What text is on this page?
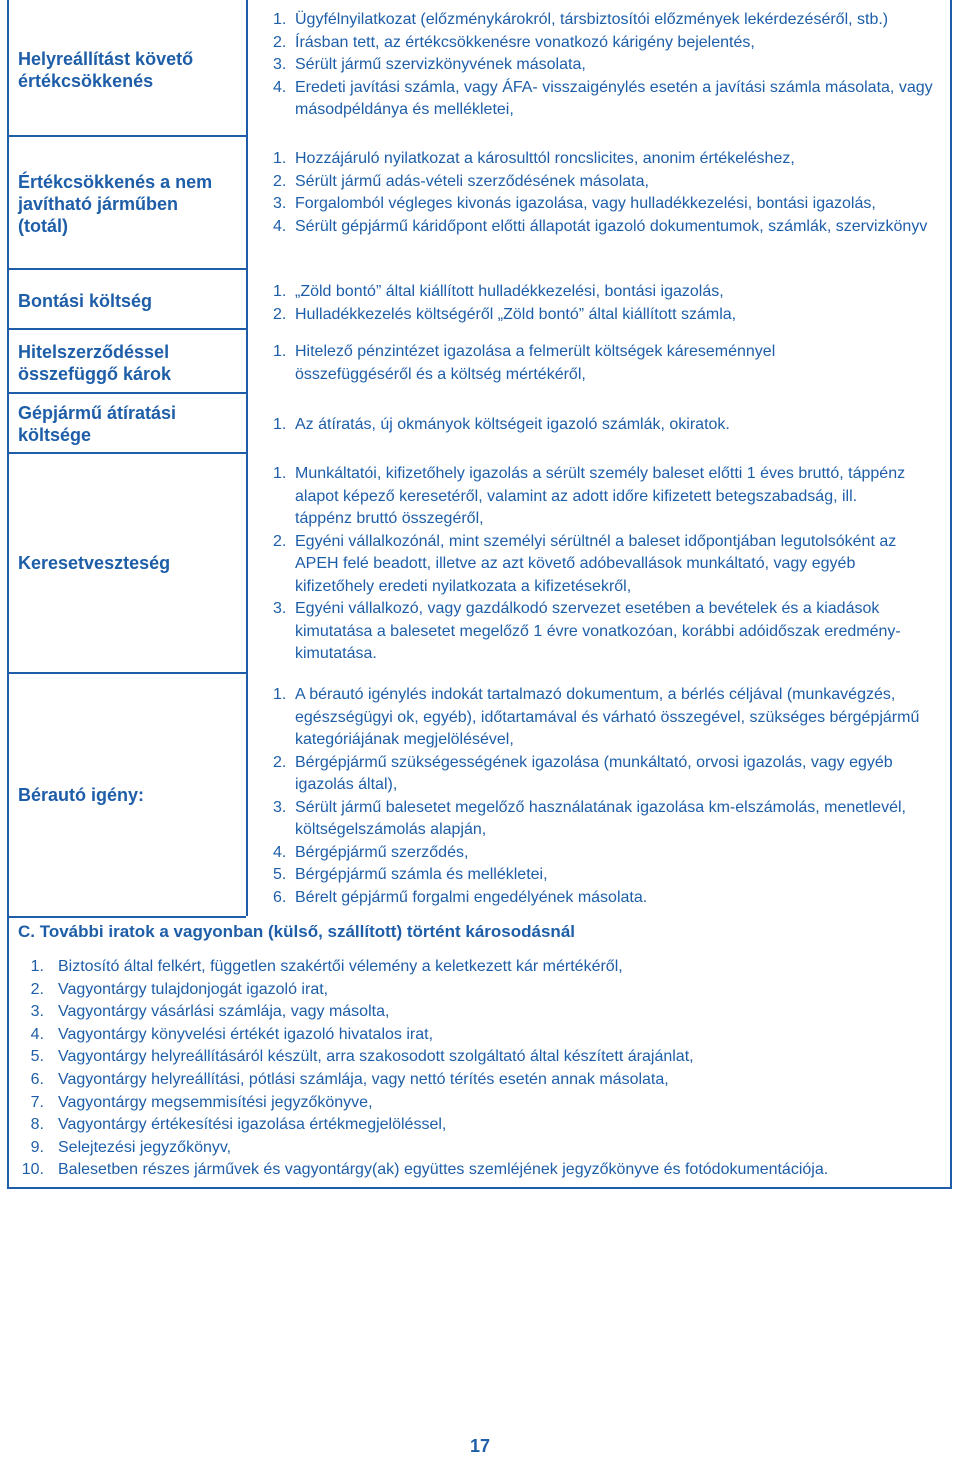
Helyreállítást követő értékcsökkenés
Értékcsökkenés a nem javítható járműben (totál)
Bontási költség
Hitelszerződéssel összefüggő károk
Gépjármű átíratási költsége
Keresetveszteség
Bérautó igény:
1. Ügyfélnyilatkozat (előzménykárokról, társbiztosítói előzmények lekérdezéséről, stb.)
2. Írásban tett, az értékcsökkenésre vonatkozó kárigény bejelentés,
3. Sérült jármű szervizkönyvének másolata,
4. Eredeti javítási számla, vagy ÁFA- visszaigénylés esetén a javítási számla másolata, vagy másodpéldánya és mellékletei,
1. Hozzájáruló nyilatkozat a károsulttól roncslicites, anonim értékeléshez,
2. Sérült jármű adás-vételi szerződésének másolata,
3. Forgalomból végleges kivonás igazolása, vagy hulladékkezelési, bontási igazolás,
4. Sérült gépjármű káridőpont előtti állapotát igazoló dokumentumok, számlák, szervizkönyv
1. „Zöld bontó” által kiállított hulladékkezelési, bontási igazolás,
2. Hulladékkezelés költségéről „Zöld bontó” által kiállított számla,
1. Hitelező pénzintézet igazolása a felmerült költségek káreseménnyel összefüggéséről és a költség mértékéről,
1. Az átíratás, új okmányok költségeit igazoló számlák, okiratok.
1. Munkáltatói, kifizetőhely igazolás a sérült személy baleset előtti 1 éves bruttó, táppénz alapot képező keresetéről, valamint az adott időre kifizetett betegszabadság, ill. táppénz bruttó összegéről,
2. Egyéni vállalkozónál, mint személyi sérültnél a baleset időpontjában legutolsóként az APEH felé beadott, illetve az azt követő adóbevallások munkáltató, vagy egyéb kifizetőhely eredeti nyilatkozata a kifizetésekről,
3. Egyéni vállalkozó, vagy gazdálkodó szervezet esetében a bevételek és a kiadások kimutatása a balesetet megelőző 1 évre vonatkozóan, korábbi adóidőszak eredmény-kimutatása.
1. A bérautó igénylés indokát tartalmazó dokumentum, a bérlés céljával (munkavégzés, egészségügyi ok, egyéb), időtartamával és várható összegével, szükséges bérgépjármű kategóriájának megjelölésével,
2. Bérgépjármű szükségességének igazolása (munkáltató, orvosi igazolás, vagy egyéb igazolás által),
3. Sérült jármű balesetet megelőző használatának igazolása km-elszámolás, menetlevél, költségelszámolás alapján,
4. Bérgépjármű szerződés,
5. Bérgépjármű számla és mellékletei,
6. Bérelt gépjármű forgalmi engedélyének másolata.
C. További iratok a vagyonban (külső, szállított) történt károsodásnál
1. Biztosító által felkért, független szakértői vélemény a keletkezett kár mértékéről,
2. Vagyontárgy tulajdonjogát igazoló irat,
3. Vagyontárgy vásárlási számlája, vagy másolta,
4. Vagyontárgy könyvelési értékét igazoló hivatalos irat,
5. Vagyontárgy helyreállításáról készült, arra szakosodott szolgáltató által készített árajánlat,
6. Vagyontárgy helyreállítási, pótlási számlája, vagy nettó térítés esetén annak másolata,
7. Vagyontárgy megsemmisítési jegyzőkönyve,
8. Vagyontárgy értékesítési igazolása értékmegjelöléssel,
9. Selejtezési jegyzőkönyv,
10. Balesetben részes járművek és vagyontárgy(ak) együttes szemléjének jegyzőkönyve és fotódokumentációja.
17
